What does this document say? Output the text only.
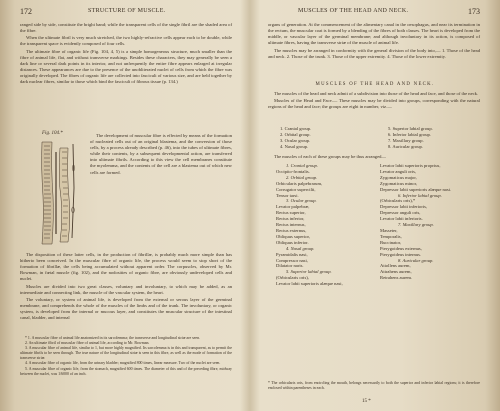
172	STRUCTURE OF MUSCLE.

ranged side by side, constitute the bright band; while the transparent cells of the single fibril are the shaded area of the fibre.

When the ultimate fibril is very much stretched, the two highly-refractive cells appear each to be double, while the transparent space is evidently composed of four cells.

The ultimate fibre of organic life (Fig. 104, 4, 5) is a simple homogeneous structure, much smaller than the fibre of animal life, flat, and without transverse markings. Besides these characters, they may generally be seen a dark line or several dark points in its interior, and not unfrequently the entire fibre appears enlarged at irregular distances. These appearances are due to the presence of the unobliterated nuclei of cells from which the fibre was originally developed. The fibres of organic life are collected into fasciculi of various size, and are held together by dark nuclear fibres, similar to those which bind the fasciculi of fibrous tissue (p. 134.)

Fig. 104.*	The development of muscular fibre is effected by means of the formation of nucleated cells out of an original blastema, and the conversion of those cells, by a process already described (p. 46), into the tubes of ultimate fibres, while their contents, by a subsequent developmental action, are transferred into ultimate fibrils. According to this view the cell membranes constitute the myolemma, and the contents of the cell are a blastema out of which new cells are formed.

The disposition of these latter cells, in the production of fibrillæ, is probably much more simple than has hitherto been conceived. In the muscular fibre of organic life, the process would seem to stop short of the formation of fibrillæ, the cells being accumulated without apparent order. The corpuscles, observed by Mr. Bowman, in fœtal muscle (fig. 102), and the nodosities of organic fibre, are obviously undeveloped cells and nuclei.

Muscles are divided into two great classes, voluntary and involuntary, to which may be added, as an intermediate and connecting link, the muscle of the vascular system, the heart.

The voluntary, or system of animal life, is developed from the external or serous layer of the germinal membrane, and comprehends the whole of the muscles of the limbs and of the trunk. The involuntary, or organic system, is developed from the internal or mucous layer, and constitutes the muscular structure of the intestinal canal, bladder, and internal

* 1. A muscular fibre of animal life anatomized in its sarcolemma; the transverse and longitudinal striæ are seen.

2. An ultimate fibril of muscular fibre of animal life, according to Mr. Bowman.

3. A muscular fibre of animal life, similar to 1, but more highly magnified. Its sarcolemma is in this and transparent, as to permit the ultimate fibrils to be seen through. The true nature of the longitudinal striæ is seen in this fibre, as well as the mode of formation of the transverse striæ.

4. A muscular fibre of organic life, from the urinary bladder; magnified 800 times, linear measure. Two of the nuclei are seen.

5. A muscular fibre of organic life, from the stomach, magnified 600 times. The diameter of this and of the preceding fibre, midway between the nuclei, was 1/6000 of an inch.

MUSCLES OF THE HEAD AND NECK.	173

organs of generation. At the commencement of the alimentary canal in the oesophagus, and near its termination in the rectum, the muscular coat is formed by a blending of the fibres of both classes. The heart is developed from the middle, or vascular layer of the germinal membrane; and although involuntary in its action, is composed of ultimate fibres, having the transverse striæ of the muscle of animal life.

The muscles may be arranged in conformity with the general division of the body into,— 1. Those of the head and neck. 2. Those of the trunk. 3. Those of the upper extremity. 4. Those of the lower extremity.

MUSCLES OF THE HEAD AND NECK.

The muscles of the head and neck admit of a subdivision into those of the head and face, and those of the neck.

Muscles of the Head and Face.— These muscles may be divided into groups, corresponding with the natural regions of the head and face; the groups are eight in number, viz.—

1. Cranial group.
2. Orbital group.
3. Ocular group.
4. Nasal group.
5. Superior labial group.
6. Inferior labial group.
7. Maxillary group.
8. Auricular group.

The muscles of each of these groups may be thus arranged—

1. Cranial group.
Occipito-frontalis.
2. Orbital group.
Orbicularis palpebrarum,
Corrugator supercilii,
Tensor tarsi.
3. Ocular group.
Levator palpebræ,
Rectus superior,
Rectus inferior,
Rectus internus,
Rectus externus,
Obliquus superior,
Obliquus inferior.
4. Nasal group.
Pyramidalis nasi,
Compressor nasi,
Dilatator naris.
5. Superior labial group.
(Orbicularis oris),
Levator labii superioris alæque nasi,
Levator labii superioris proprius,
Levator anguli oris,
Zygomaticus major,
Zygomaticus minor,
Depressor labii superioris alæque nasi.
6. Inferior labial group.
(Orbicularis oris),*
Depressor labii inferioris,
Depressor anguli oris,
Levator labii inferioris.
7. Maxillary group.
Masseter,
Temporalis,
Buccinator,
Pterygoideus externus,
Pterygoideus internus.
8. Auricular group.
Attollens aurem,
Attrahens aurem,
Retrahens aurem.
* The orbicularis oris, from encircling the mouth, belongs necessarily to both the superior and inferior labial regions; it is therefore enclosed within parentheses in each.
15 *
